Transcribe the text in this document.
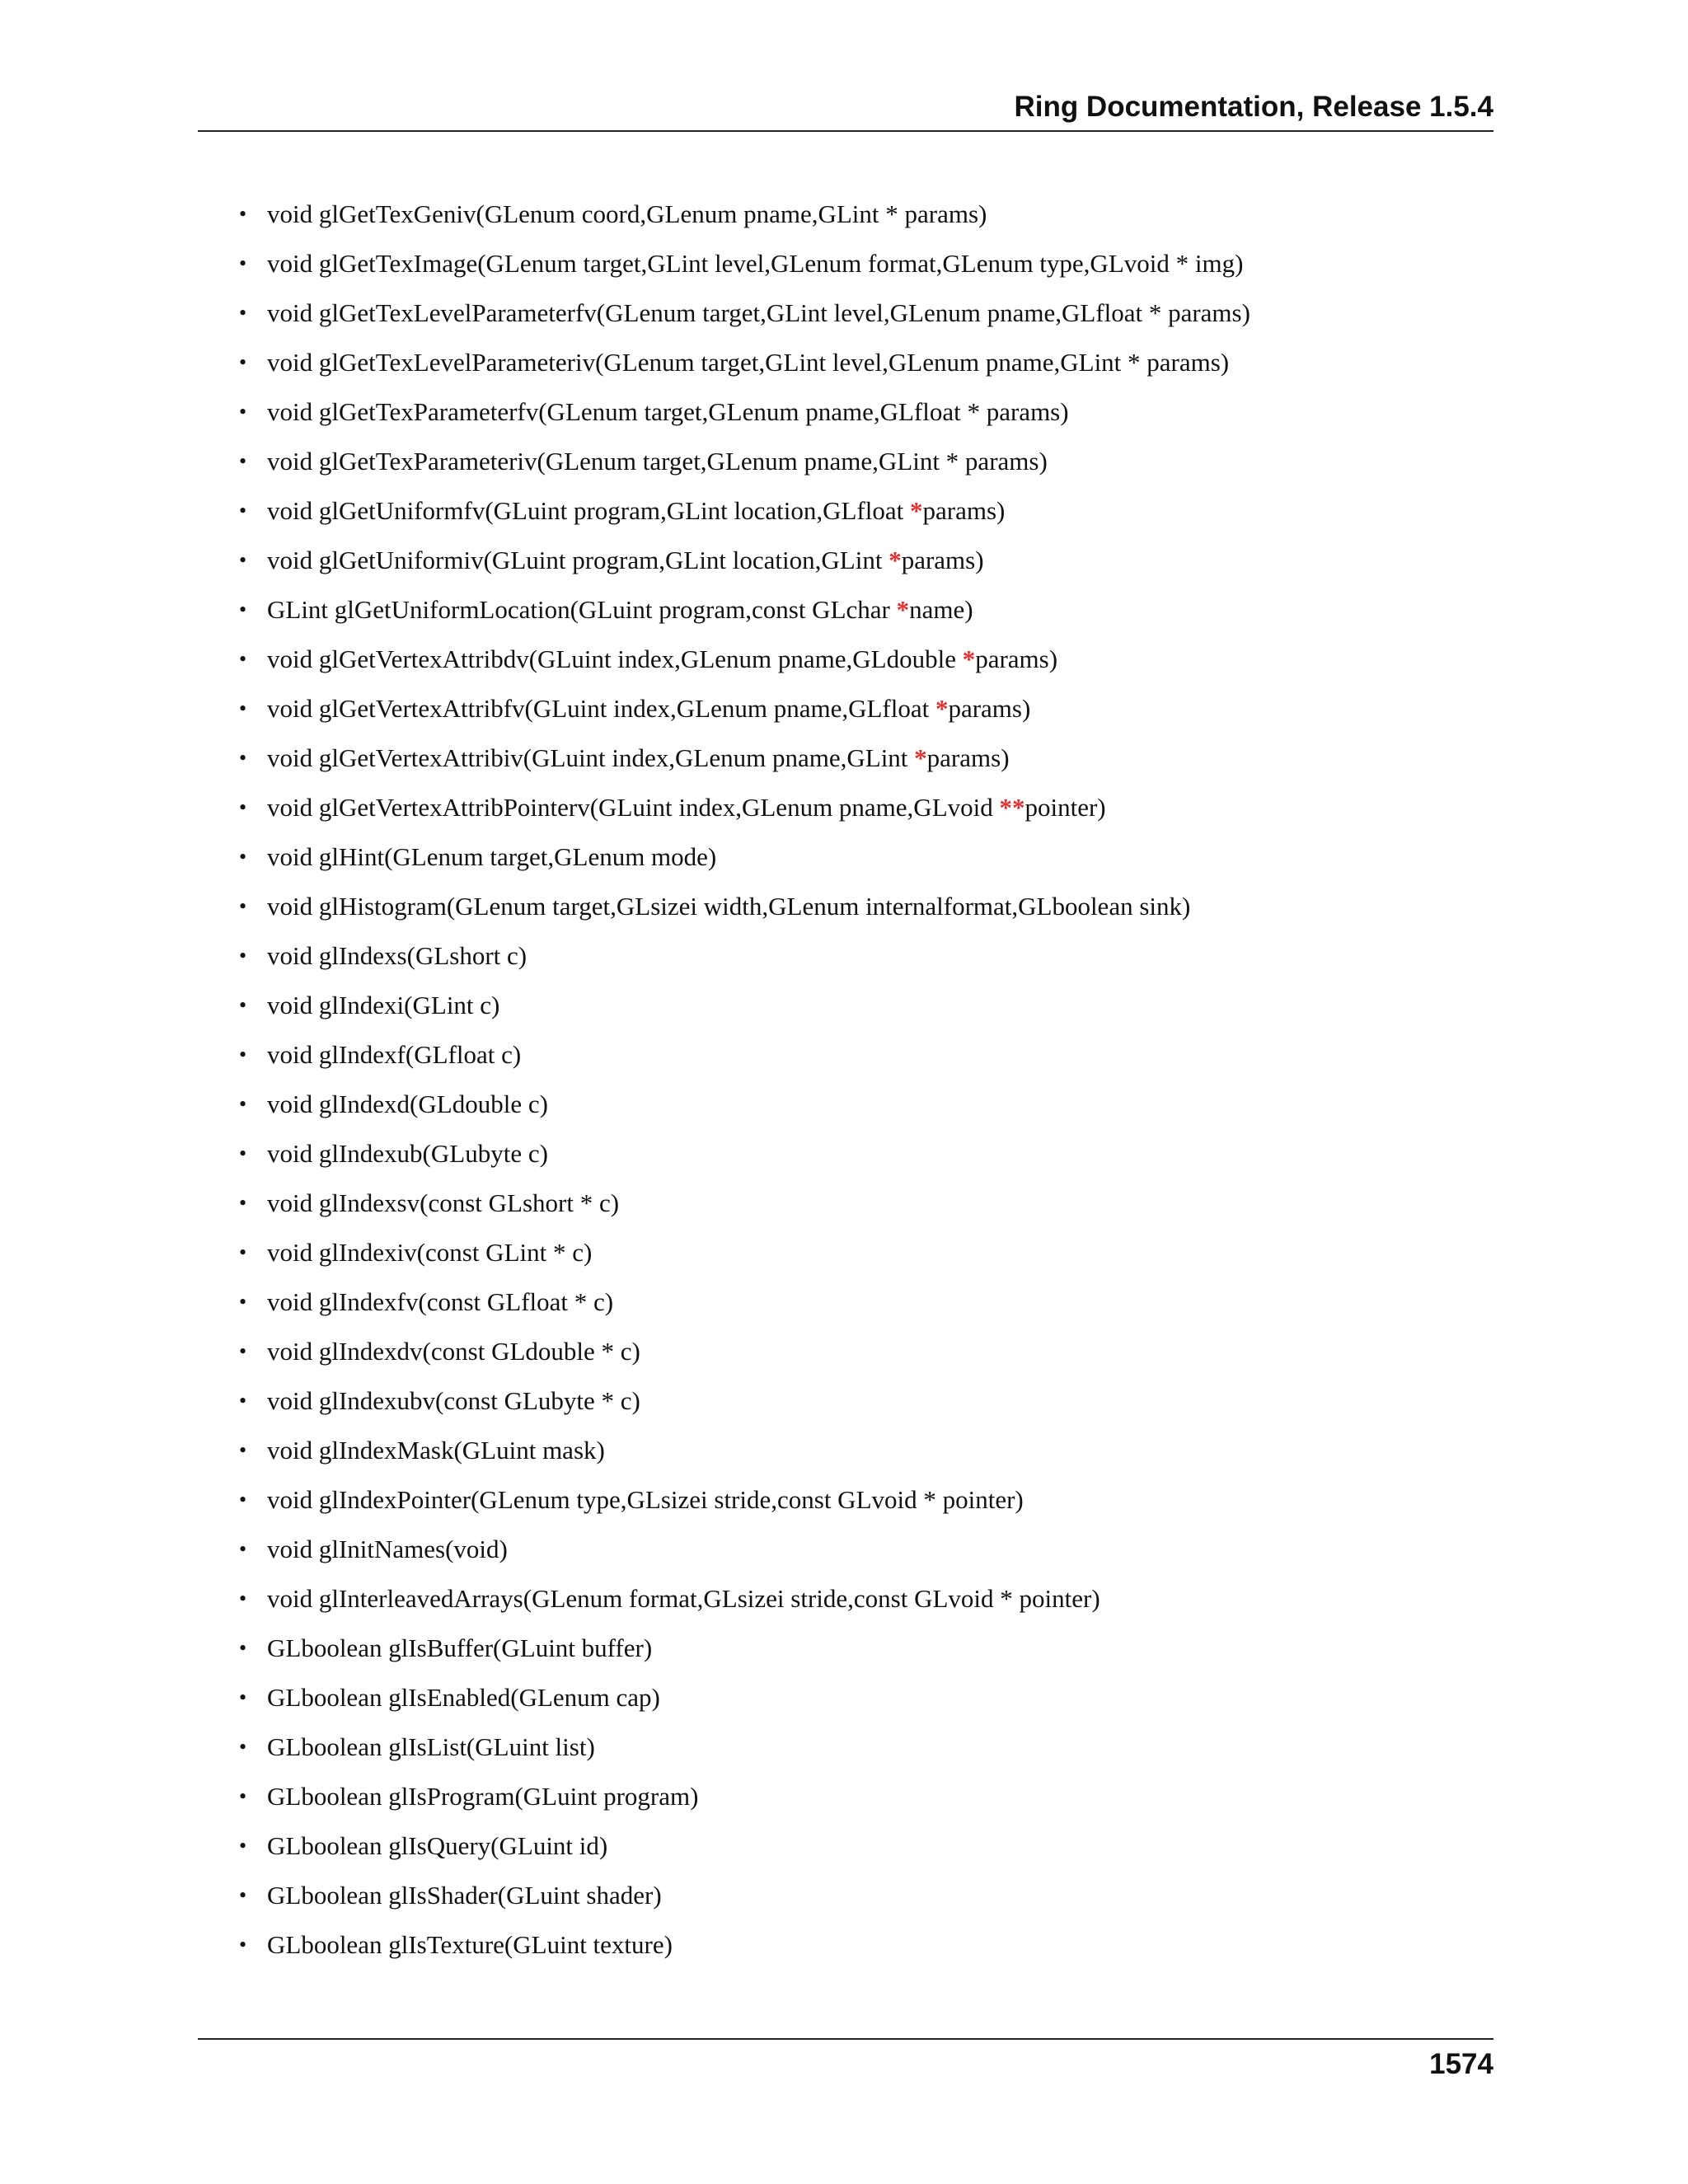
Ring Documentation, Release 1.5.4
• void glGetTexGeniv(GLenum coord,GLenum pname,GLint * params)
• void glGetTexImage(GLenum target,GLint level,GLenum format,GLenum type,GLvoid * img)
• void glGetTexLevelParameterfv(GLenum target,GLint level,GLenum pname,GLfloat * params)
• void glGetTexLevelParameteriv(GLenum target,GLint level,GLenum pname,GLint * params)
• void glGetTexParameterfv(GLenum target,GLenum pname,GLfloat * params)
• void glGetTexParameteriv(GLenum target,GLenum pname,GLint * params)
• void glGetUniformfv(GLuint program,GLint location,GLfloat *params)
• void glGetUniformiv(GLuint program,GLint location,GLint *params)
• GLint glGetUniformLocation(GLuint program,const GLchar *name)
• void glGetVertexAttribdv(GLuint index,GLenum pname,GLdouble *params)
• void glGetVertexAttribfv(GLuint index,GLenum pname,GLfloat *params)
• void glGetVertexAttribiv(GLuint index,GLenum pname,GLint *params)
• void glGetVertexAttribPointerv(GLuint index,GLenum pname,GLvoid **pointer)
• void glHint(GLenum target,GLenum mode)
• void glHistogram(GLenum target,GLsizei width,GLenum internalformat,GLboolean sink)
• void glIndexs(GLshort c)
• void glIndexi(GLint c)
• void glIndexf(GLfloat c)
• void glIndexd(GLdouble c)
• void glIndexub(GLubyte c)
• void glIndexsv(const GLshort * c)
• void glIndexiv(const GLint * c)
• void glIndexfv(const GLfloat * c)
• void glIndexdv(const GLdouble * c)
• void glIndexubv(const GLubyte * c)
• void glIndexMask(GLuint mask)
• void glIndexPointer(GLenum type,GLsizei stride,const GLvoid * pointer)
• void glInitNames(void)
• void glInterleavedArrays(GLenum format,GLsizei stride,const GLvoid * pointer)
• GLboolean glIsBuffer(GLuint buffer)
• GLboolean glIsEnabled(GLenum cap)
• GLboolean glIsList(GLuint list)
• GLboolean glIsProgram(GLuint program)
• GLboolean glIsQuery(GLuint id)
• GLboolean glIsShader(GLuint shader)
• GLboolean glIsTexture(GLuint texture)
1574
